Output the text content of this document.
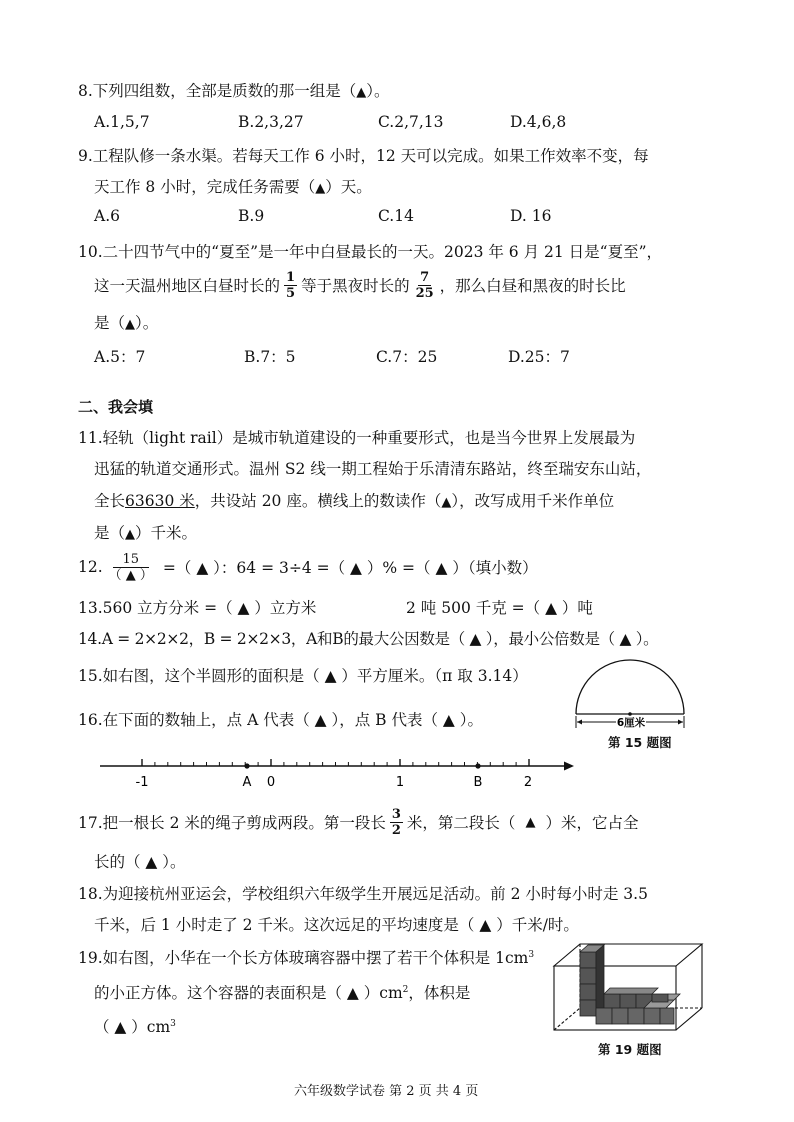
8.下列四组数，全部是质数的那一组是（▲）。
A.1,5,7	B.2,3,27	C.2,7,13	D.4,6,8
9.工程队修一条水渠。若每天工作 6 小时，12 天可以完成。如果工作效率不变，每
天工作 8 小时，完成任务需要（▲）天。
A.6	B.9	C.14	D. 16
10.二十四节气中的“夏至”是一年中白昼最长的一天。2023 年 6 月 21 日是“夏至”，
这一天温州地区白昼时长的 $\frac{1}{5}$ 等于黑夜时长的 $\frac{7}{25}$ ，那么白昼和黑夜的时长比
是（▲）。
A.5：7	B.7：5	C.7：25	D.25：7
二、我会填
11.轻轨（light rail）是城市轨道建设的一种重要形式，也是当今世界上发展最为
迅猛的轨道交通形式。温州 S2 线一期工程始于乐清清东路站，终至瑞安东山站，
全长63630 米，共设站 20 座。横线上的数读作（▲），改写成用千米作单位
是（▲）千米。
12. $\frac{15}{( ▲ )}$ =（ ▲ ）：64 = 3÷4 =（ ▲ ）% =（ ▲ ）（填小数）
13.560 立方分米 =（ ▲ ）立方米	2 吨 500 千克 =（ ▲ ）吨
14.A = 2×2×2，B = 2×2×3，A和B的最大公因数是（ ▲ ），最小公倍数是（ ▲ ）。
15.如右图，这个半圆形的面积是（ ▲ ）平方厘米。（π 取 3.14）
6厘米
第 15 题图
16.在下面的数轴上，点 A 代表（ ▲ ），点 B 代表（ ▲ ）。
-1	A 0	1	B	2
17.把一根长 2 米的绳子剪成两段。第一段长 $\frac{3}{2}$ 米，第二段长（ ▲ ）米，它占全
长的（ ▲ ）。
18.为迎接杭州亚运会，学校组织六年级学生开展远足活动。前 2 小时每小时走 3.5
千米，后 1 小时走了 2 千米。这次远足的平均速度是（ ▲ ）千米/时。
19.如右图，小华在一个长方体玻璃容器中摆了若干个体积是 $1cm^3$
的小正方体。这个容器的表面积是（ ▲ ）$cm^2$，体积是
（ ▲ ）$cm^3$
第 19 题图
六年级数学试卷 第 2 页 共 4 页
